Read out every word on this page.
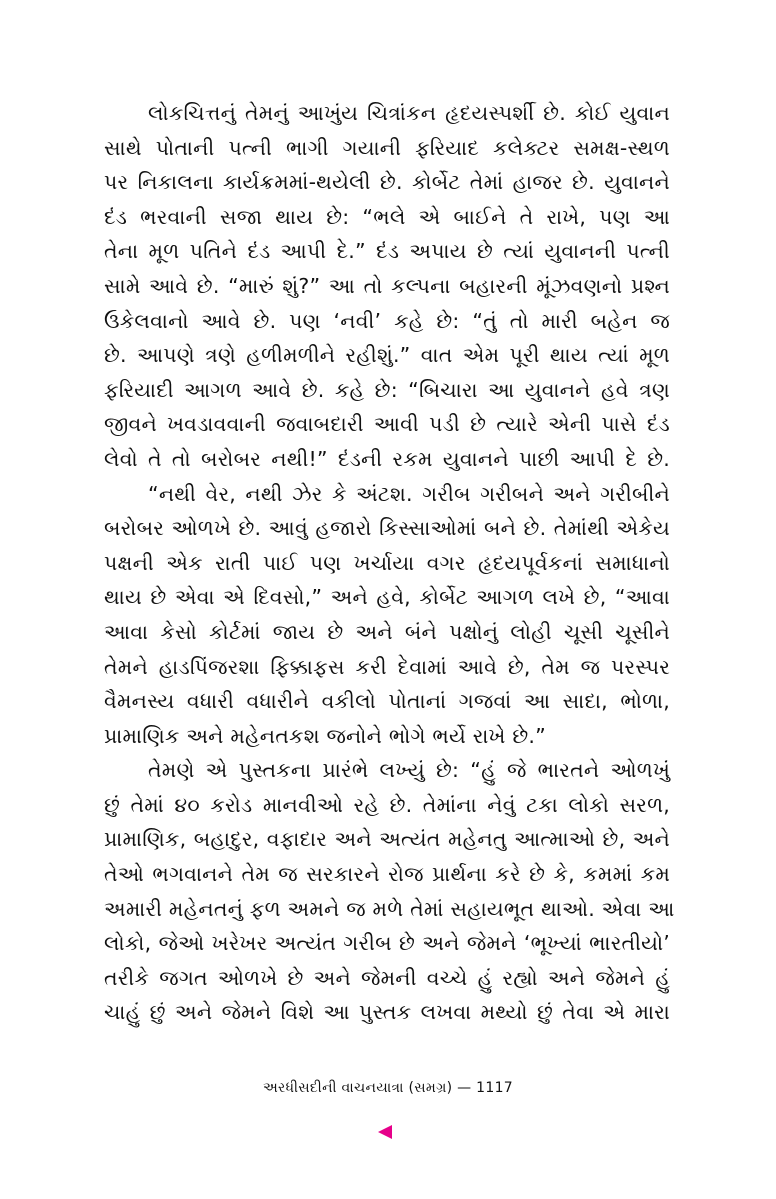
લોકચિત્તનું તેમનું આખુંય ચિત્રાંકન હૃદયસ્પર્શી છે. કોઈ યુવાન
સાથે પોતાની પત્ની ભાગી ગયાની ફરિયાદ કલેક્ટર સમક્ષ-સ્થળ
પર નિકાલના કાર્યક્રમમાં-થયેલી છે. કોર્બેટ તેમાં હાજર છે. યુવાનને
દંડ ભરવાની સજા થાય છે: “ભલે એ બાઈને તે રાખે, પણ આ
તેના મૂળ પતિને દંડ આપી દે.” દંડ અપાય છે ત્યાં યુવાનની પત્ની
સામે આવે છે. “મારું શું?” આ તો કલ્પના બહારની મૂંઝવણનો પ્રશ્ન
ઉકેલવાનો આવે છે. પણ ‘નવી’ કહે છે: “તું તો મારી બહેન જ
છે. આપણે ત્રણે હળીમળીને રહીશું.” વાત એમ પૂરી થાય ત્યાં મૂળ
ફરિયાદી આગળ આવે છે. કહે છે: “બિચારા આ યુવાનને હવે ત્રણ
જીવને ખવડાવવાની જવાબદારી આવી પડી છે ત્યારે એની પાસે દંડ
લેવો તે તો બરોબર નથી!” દંડની રકમ યુવાનને પાછી આપી દે છે.

“નથી વેર, નથી ઝેર કે અંટશ. ગરીબ ગરીબને અને ગરીબીને
બરોબર ઓળખે છે. આવું હજારો કિસ્સાઓમાં બને છે. તેમાંથી એકેય
પક્ષની એક રાતી પાઈ પણ ખર્ચાયા વગર હૃદયપૂર્વકનાં સમાધાનો
થાય છે એવા એ દિવસો,” અને હવે, કોર્બેટ આગળ લખે છે, “આવા
આવા કેસો કોર્ટમાં જાય છે અને બંને પક્ષોનું લોહી ચૂસી ચૂસીને
તેમને હાડપિંજરશા ફિક્કાફસ કરી દેવામાં આવે છે, તેમ જ પરસ્પર
વૈમનસ્ય વધારી વધારીને વકીલો પોતાનાં ગજવાં આ સાદા, ભોળા,
પ્રામાણિક અને મહેનતકશ જનોને ભોગે ભર્યે રાખે છે.”

તેમણે એ પુસ્તકના પ્રારંભે લખ્યું છે: “હું જે ભારતને ઓળખું
છું તેમાં ૪૦ કરોડ માનવીઓ રહે છે. તેમાંના નેવું ટકા લોકો સરળ,
પ્રામાણિક, બહાદુર, વફાદાર અને અત્યંત મહેનતુ આત્માઓ છે, અને
તેઓ ભગવાનને તેમ જ સરકારને રોજ પ્રાર્થના કરે છે કે, કમમાં કમ
અમારી મહેનતનું ફળ અમને જ મળે તેમાં સહાયભૂત થાઓ. એવા આ
લોકો, જેઓ ખરેખર અત્યંત ગરીબ છે અને જેમને ‘ભૂખ્યાં ભારતીયો’
તરીકે જગત ઓળખે છે અને જેમની વચ્ચે હું રહ્યો અને જેમને હું
ચાહું છું અને જેમને વિશે આ પુસ્તક લખવા મથ્યો છું તેવા એ મારા

અરધીસદીની વાચનયાત્રા (સમગ્ર) — 1117
